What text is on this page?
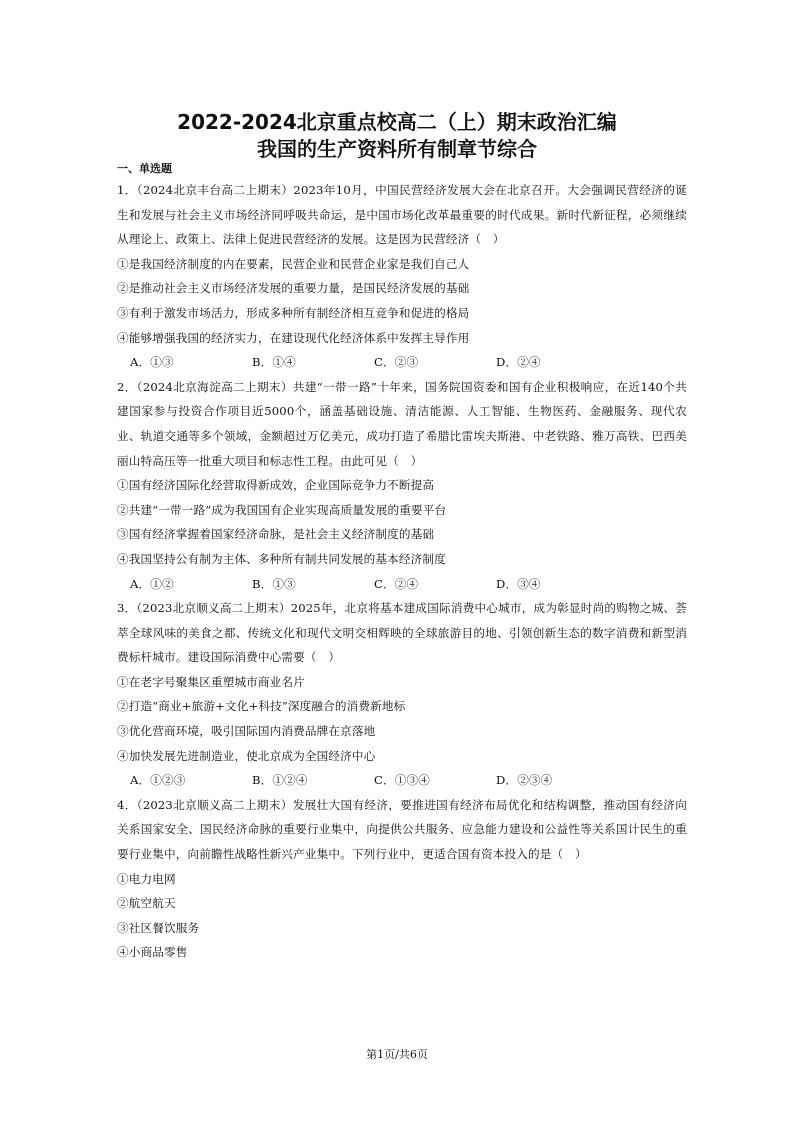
2022-2024北京重点校高二（上）期末政治汇编
我国的生产资料所有制章节综合
一、单选题

1．（2024北京丰台高二上期末）2023年10月，中国民营经济发展大会在北京召开。大会强调民营经济的诞生和发展与社会主义市场经济同呼吸共命运，是中国市场化改革最重要的时代成果。新时代新征程，必须继续从理论上、政策上、法律上促进民营经济的发展。这是因为民营经济（　）

①是我国经济制度的内在要素，民营企业和民营企业家是我们自己人

②是推动社会主义市场经济发展的重要力量，是国民经济发展的基础

③有利于激发市场活力，形成多种所有制经济相互竞争和促进的格局

④能够增强我国的经济实力，在建设现代化经济体系中发挥主导作用

A．①③	B．①④	C．②③	D．②④

2．（2024北京海淀高二上期末）共建“一带一路”十年来，国务院国资委和国有企业积极响应，在近140个共建国家参与投资合作项目近5000个，涵盖基础设施、清洁能源、人工智能、生物医药、金融服务、现代农业、轨道交通等多个领域，金额超过万亿美元，成功打造了希腊比雷埃夫斯港、中老铁路、雅万高铁、巴西美丽山特高压等一批重大项目和标志性工程。由此可见（　）

①国有经济国际化经营取得新成效，企业国际竞争力不断提高

②共建“一带一路”成为我国国有企业实现高质量发展的重要平台

③国有经济掌握着国家经济命脉，是社会主义经济制度的基础

④我国坚持公有制为主体、多种所有制共同发展的基本经济制度

A．①②	B．①③	C．②④	D．③④

3．（2023北京顺义高二上期末）2025年，北京将基本建成国际消费中心城市，成为彰显时尚的购物之城、荟萃全球风味的美食之都、传统文化和现代文明交相辉映的全球旅游目的地、引领创新生态的数字消费和新型消费标杆城市。建设国际消费中心需要（　）

①在老字号聚集区重塑城市商业名片

②打造“商业+旅游+文化+科技”深度融合的消费新地标

③优化营商环境，吸引国际国内消费品牌在京落地

④加快发展先进制造业，使北京成为全国经济中心

A．①②③	B．①②④	C．①③④	D．②③④

4．（2023北京顺义高二上期末）发展壮大国有经济，要推进国有经济布局优化和结构调整，推动国有经济向关系国家安全、国民经济命脉的重要行业集中，向提供公共服务、应急能力建设和公益性等关系国计民生的重要行业集中，向前瞻性战略性新兴产业集中。下列行业中，更适合国有资本投入的是（　）

①电力电网

②航空航天

③社区餐饮服务

④小商品零售

第1页/共6页
